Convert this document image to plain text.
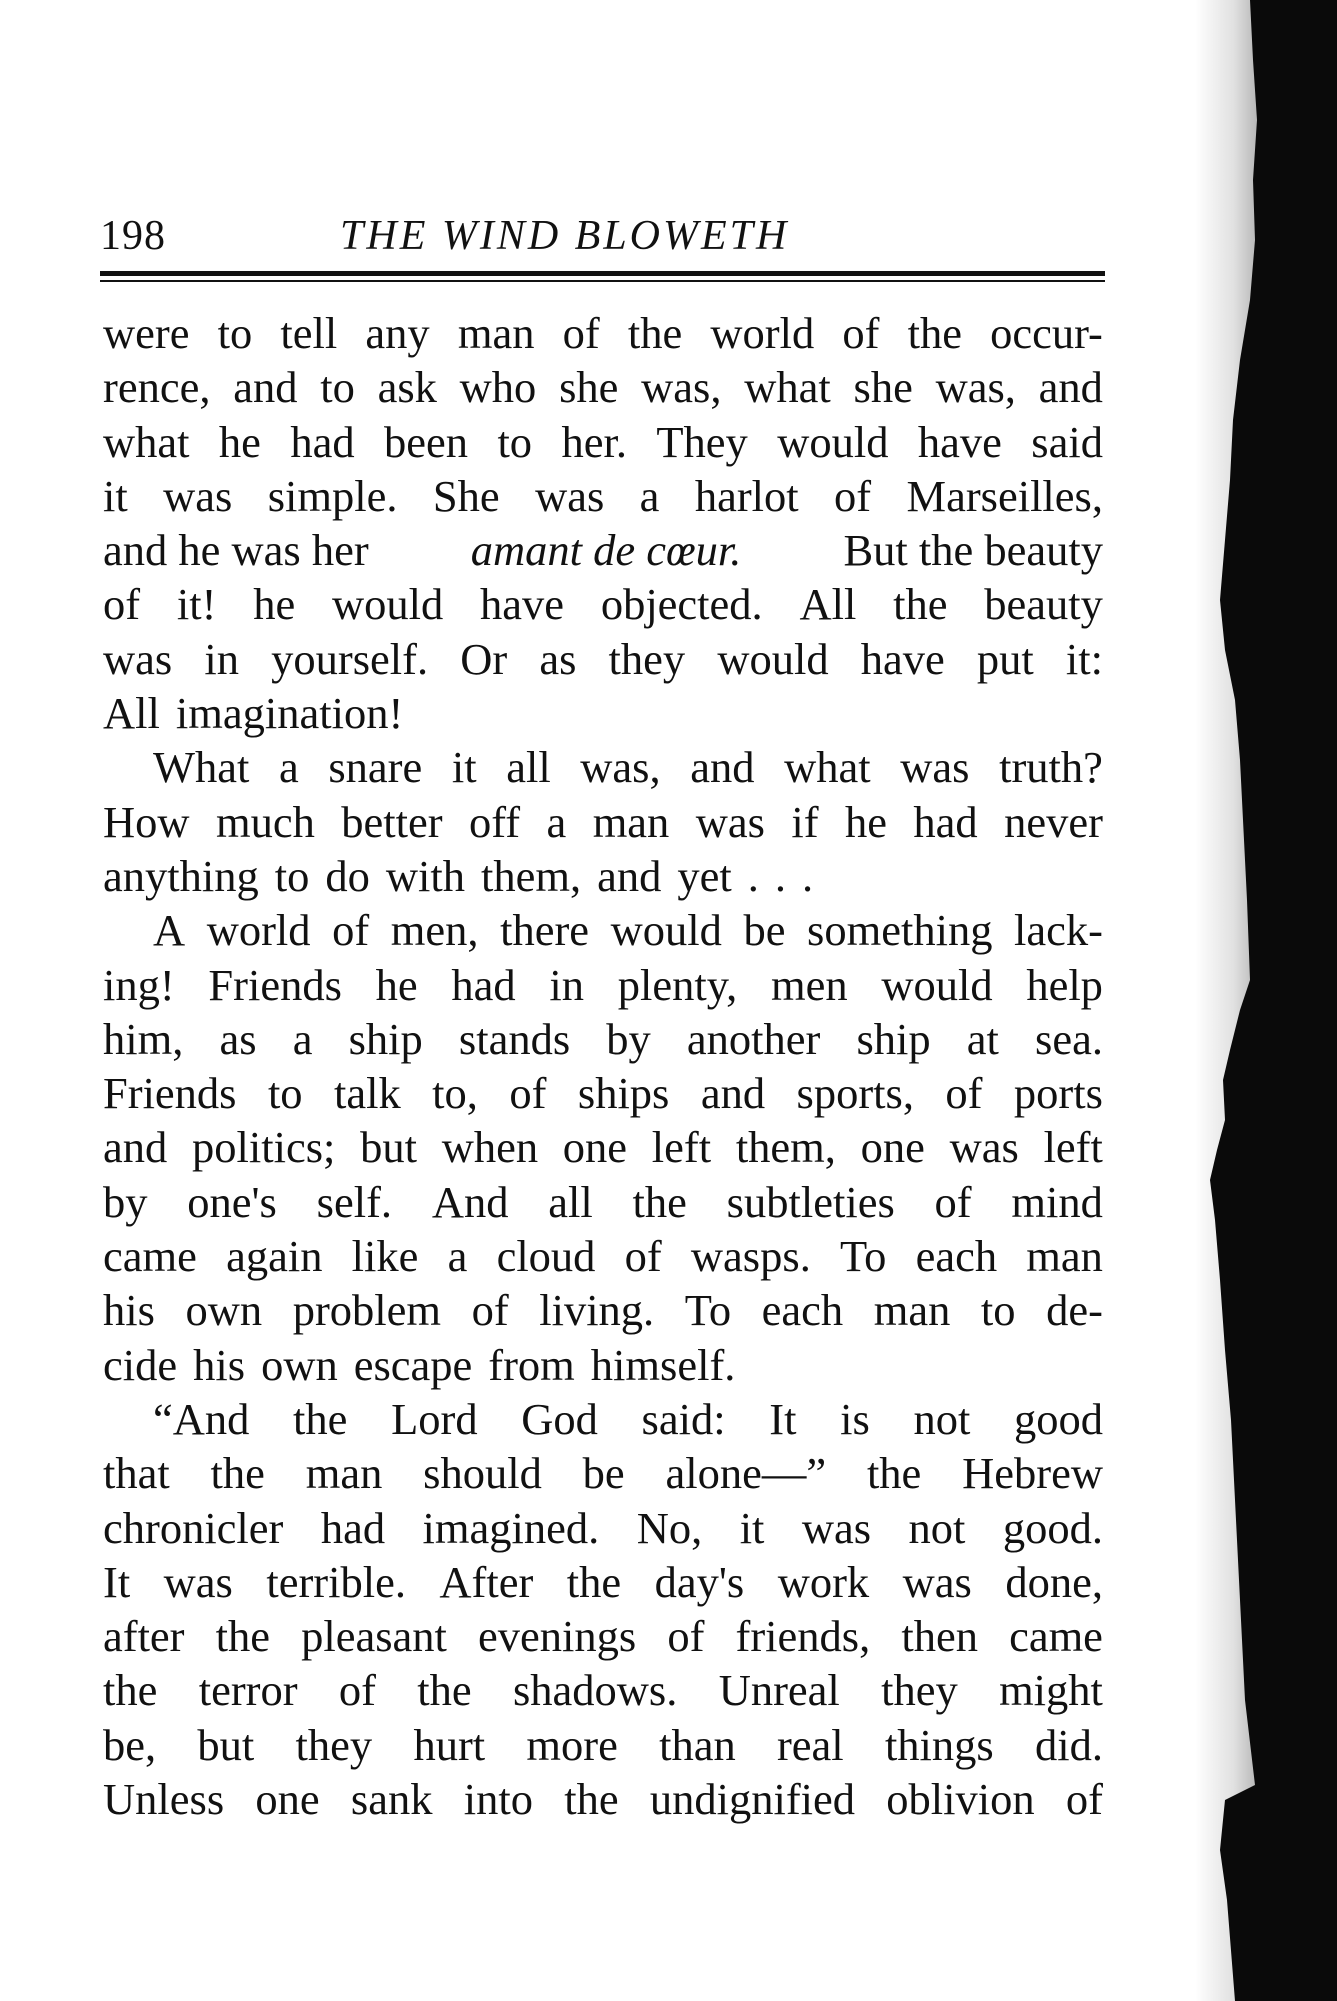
198	THE WIND BLOWETH
were to tell any man of the world of the occur-
rence, and to ask who she was, what she was, and
what he had been to her. They would have said
it was simple. She was a harlot of Marseilles,
and he was her amant de cœur. But the beauty
of it! he would have objected. All the beauty
was in yourself. Or as they would have put it:
All imagination!
What a snare it all was, and what was truth?
How much better off a man was if he had never
anything to do with them, and yet . . .
A world of men, there would be something lack-
ing! Friends he had in plenty, men would help
him, as a ship stands by another ship at sea.
Friends to talk to, of ships and sports, of ports
and politics; but when one left them, one was left
by one's self. And all the subtleties of mind
came again like a cloud of wasps. To each man
his own problem of living. To each man to de-
cide his own escape from himself.
“And the Lord God said: It is not good
that the man should be alone—” the Hebrew
chronicler had imagined. No, it was not good.
It was terrible. After the day's work was done,
after the pleasant evenings of friends, then came
the terror of the shadows. Unreal they might
be, but they hurt more than real things did.
Unless one sank into the undignified oblivion of
